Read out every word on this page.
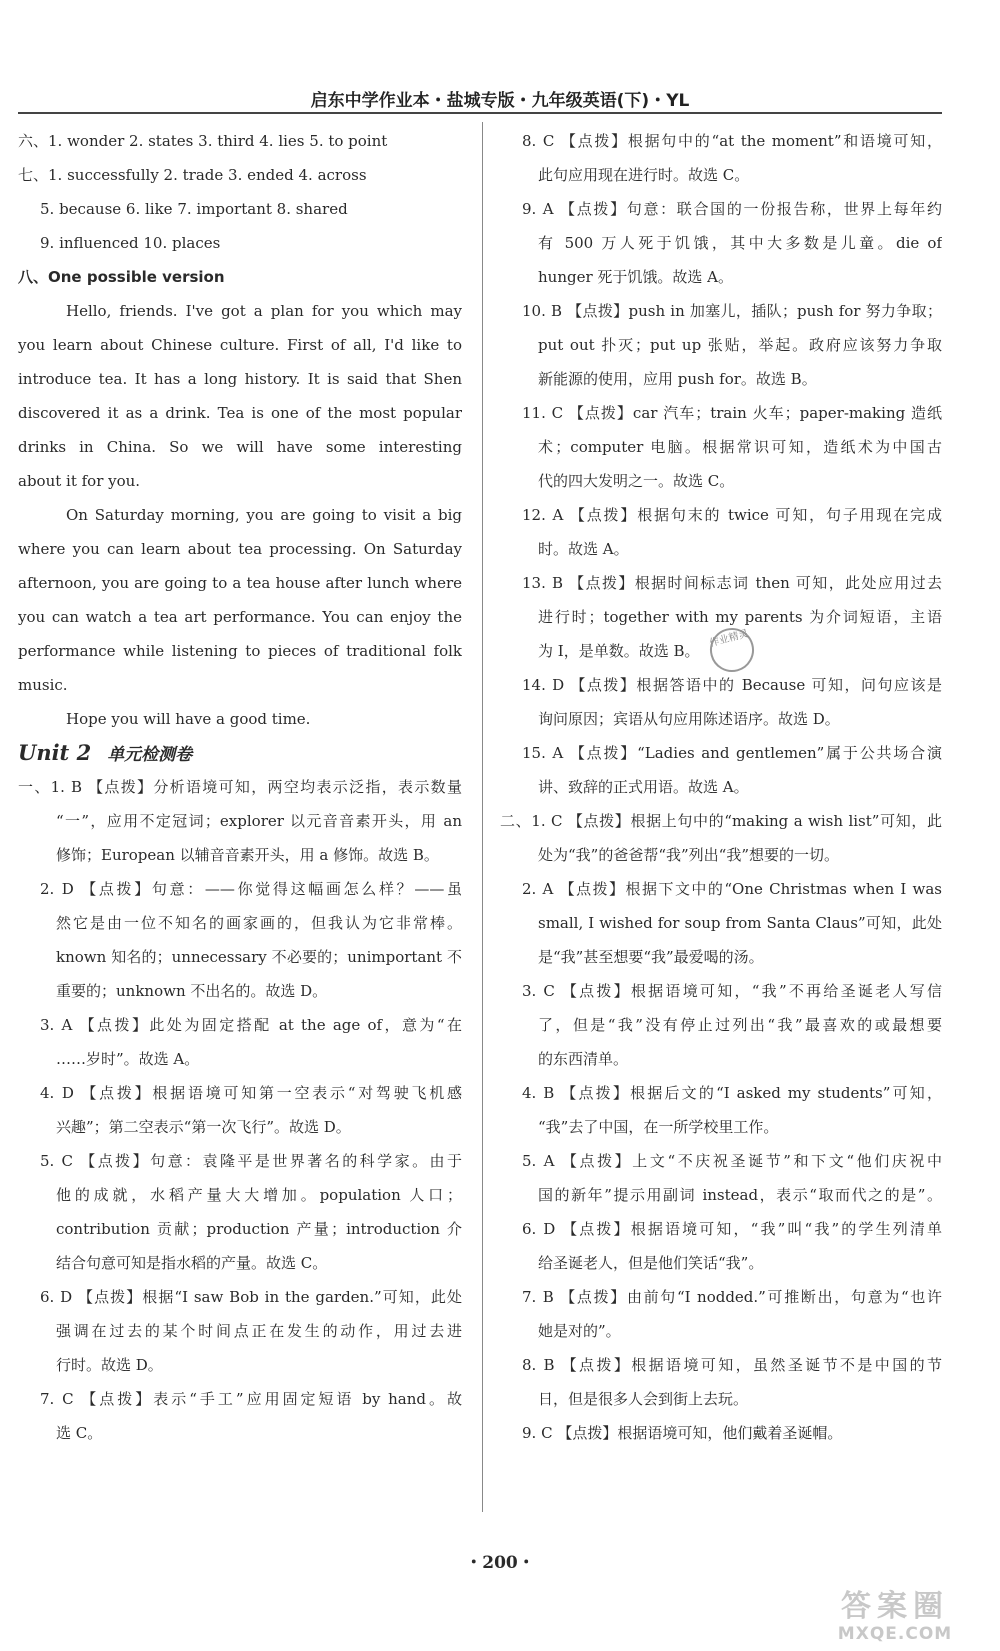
启东中学作业本・盐城专版・九年级英语(下)・YL
六、1. wonder 2. states 3. third 4. lies 5. to point
七、1. successfully 2. trade 3. ended 4. across
5. because 6. like 7. important 8. shared
9. influenced 10. places
八、One possible version
Hello, friends. I've got a plan for you which may
you learn about Chinese culture. First of all, I'd like to
introduce tea. It has a long history. It is said that Shen
discovered it as a drink. Tea is one of the most popular
drinks in China. So we will have some interesting
about it for you.
On Saturday morning, you are going to visit a big
where you can learn about tea processing. On Saturday
afternoon, you are going to a tea house after lunch where
you can watch a tea art performance. You can enjoy the
performance while listening to pieces of traditional folk
music.
Hope you will have a good time.
Unit 2 单元检测卷
一、1. B 【点拨】分析语境可知，两空均表示泛指，表示数量
“一”，应用不定冠词；explorer 以元音音素开头，用 an
修饰；European 以辅音音素开头，用 a 修饰。故选 B。
2. D 【点拨】句意：——你觉得这幅画怎么样？——虽
然它是由一位不知名的画家画的，但我认为它非常棒。
known 知名的；unnecessary 不必要的；unimportant 不
重要的；unknown 不出名的。故选 D。
3. A 【点拨】此处为固定搭配 at the age of，意为“在
……岁时”。故选 A。
4. D 【点拨】根据语境可知第一空表示“对驾驶飞机感
兴趣”；第二空表示“第一次飞行”。故选 D。
5. C 【点拨】句意：袁隆平是世界著名的科学家。由于
他的成就，水稻产量大大增加。population 人口；
contribution 贡献；production 产量；introduction 介
结合句意可知是指水稻的产量。故选 C。
6. D 【点拨】根据“I saw Bob in the garden.”可知，此处
强调在过去的某个时间点正在发生的动作，用过去进
行时。故选 D。
7. C 【点拨】表示“手工”应用固定短语 by hand。故
选 C。
8. C 【点拨】根据句中的“at the moment”和语境可知，
此句应用现在进行时。故选 C。
9. A 【点拨】句意：联合国的一份报告称，世界上每年约
有 500 万人死于饥饿，其中大多数是儿童。die of
hunger 死于饥饿。故选 A。
10. B 【点拨】push in 加塞儿，插队；push for 努力争取；
put out 扑灭；put up 张贴，举起。政府应该努力争取
新能源的使用，应用 push for。故选 B。
11. C 【点拨】car 汽车；train 火车；paper-making 造纸
术；computer 电脑。根据常识可知，造纸术为中国古
代的四大发明之一。故选 C。
12. A 【点拨】根据句末的 twice 可知，句子用现在完成
时。故选 A。
13. B 【点拨】根据时间标志词 then 可知，此处应用过去
进行时；together with my parents 为介词短语，主语
为 I，是单数。故选 B。
14. D 【点拨】根据答语中的 Because 可知，问句应该是
询问原因；宾语从句应用陈述语序。故选 D。
15. A 【点拨】“Ladies and gentlemen”属于公共场合演
讲、致辞的正式用语。故选 A。
二、1. C 【点拨】根据上句中的“making a wish list”可知，此
处为“我”的爸爸帮“我”列出“我”想要的一切。
2. A 【点拨】根据下文中的“One Christmas when I was
small, I wished for soup from Santa Claus”可知，此处
是“我”甚至想要“我”最爱喝的汤。
3. C 【点拨】根据语境可知，“我”不再给圣诞老人写信
了，但是“我”没有停止过列出“我”最喜欢的或最想要
的东西清单。
4. B 【点拨】根据后文的“I asked my students”可知，
“我”去了中国，在一所学校里工作。
5. A 【点拨】上文“不庆祝圣诞节”和下文“他们庆祝中
国的新年”提示用副词 instead，表示“取而代之的是”。
6. D 【点拨】根据语境可知，“我”叫“我”的学生列清单
给圣诞老人，但是他们笑话“我”。
7. B 【点拨】由前句“I nodded.”可推断出，句意为“也许
她是对的”。
8. B 【点拨】根据语境可知，虽然圣诞节不是中国的节
日，但是很多人会到街上去玩。
9. C 【点拨】根据语境可知，他们戴着圣诞帽。
作业精灵
・200・
答案圈
MXQE.COM
